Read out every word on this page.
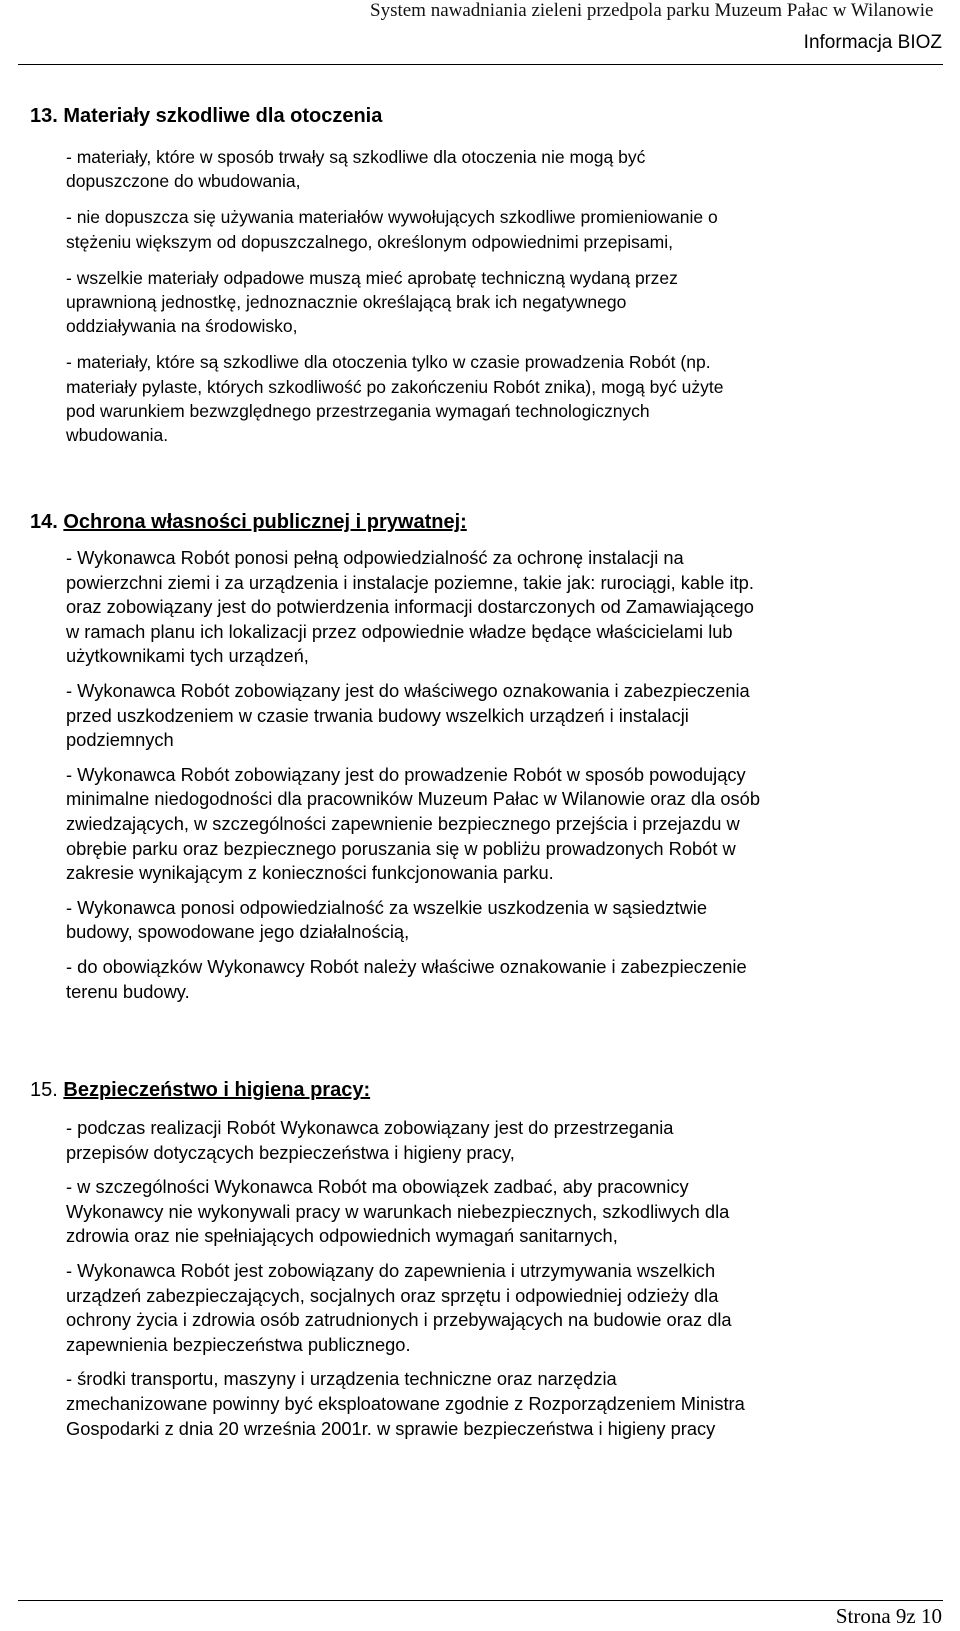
System nawadniania zieleni przedpola parku Muzeum Pałac w Wilanowie
Informacja BIOZ
13. Materiały szkodliwe dla otoczenia

- materiały, które w sposób trwały są szkodliwe dla otoczenia nie mogą być
dopuszczone do wbudowania,

- nie dopuszcza się używania materiałów wywołujących szkodliwe promieniowanie o
stężeniu większym od dopuszczalnego, określonym odpowiednimi przepisami,

- wszelkie materiały odpadowe muszą mieć aprobatę techniczną wydaną przez
uprawnioną jednostkę, jednoznacznie określającą brak ich negatywnego
oddziaływania na środowisko,

- materiały, które są szkodliwe dla otoczenia tylko w czasie prowadzenia Robót (np.
materiały pylaste, których szkodliwość po zakończeniu Robót znika), mogą być użyte
pod warunkiem bezwzględnego przestrzegania wymagań technologicznych
wbudowania.

14. Ochrona własności publicznej i prywatnej:

- Wykonawca Robót ponosi pełną odpowiedzialność za ochronę instalacji na
powierzchni ziemi i za urządzenia i instalacje poziemne, takie jak: rurociągi, kable itp.
oraz zobowiązany jest do potwierdzenia informacji dostarczonych od Zamawiającego
w ramach planu ich lokalizacji przez odpowiednie władze będące właścicielami lub
użytkownikami tych urządzeń,

- Wykonawca Robót zobowiązany jest do właściwego oznakowania i zabezpieczenia
przed uszkodzeniem w czasie trwania budowy wszelkich urządzeń i instalacji
podziemnych

- Wykonawca Robót zobowiązany jest do prowadzenie Robót w sposób powodujący
minimalne niedogodności dla pracowników Muzeum Pałac w Wilanowie oraz dla osób
zwiedzających, w szczególności zapewnienie bezpiecznego przejścia i przejazdu w
obrębie parku oraz bezpiecznego poruszania się w pobliżu prowadzonych Robót w
zakresie wynikającym z konieczności funkcjonowania parku.

- Wykonawca ponosi odpowiedzialność za wszelkie uszkodzenia w sąsiedztwie
budowy, spowodowane jego działalnością,

- do obowiązków Wykonawcy Robót należy właściwe oznakowanie i zabezpieczenie
terenu budowy.

15. Bezpieczeństwo i higiena pracy:

- podczas realizacji Robót Wykonawca zobowiązany jest do przestrzegania
przepisów dotyczących bezpieczeństwa i higieny pracy,

- w szczególności Wykonawca Robót ma obowiązek zadbać, aby pracownicy
Wykonawcy nie wykonywali pracy w warunkach niebezpiecznych, szkodliwych dla
zdrowia oraz nie spełniających odpowiednich wymagań sanitarnych,

- Wykonawca Robót jest zobowiązany do zapewnienia i utrzymywania wszelkich
urządzeń zabezpieczających, socjalnych oraz sprzętu i odpowiedniej odzieży dla
ochrony życia i zdrowia osób zatrudnionych i przebywających na budowie oraz dla
zapewnienia bezpieczeństwa publicznego.

- środki transportu, maszyny i urządzenia techniczne oraz narzędzia
zmechanizowane powinny być eksploatowane zgodnie z Rozporządzeniem Ministra
Gospodarki z dnia 20 września 2001r. w sprawie bezpieczeństwa i higieny pracy

Strona 9z 10
